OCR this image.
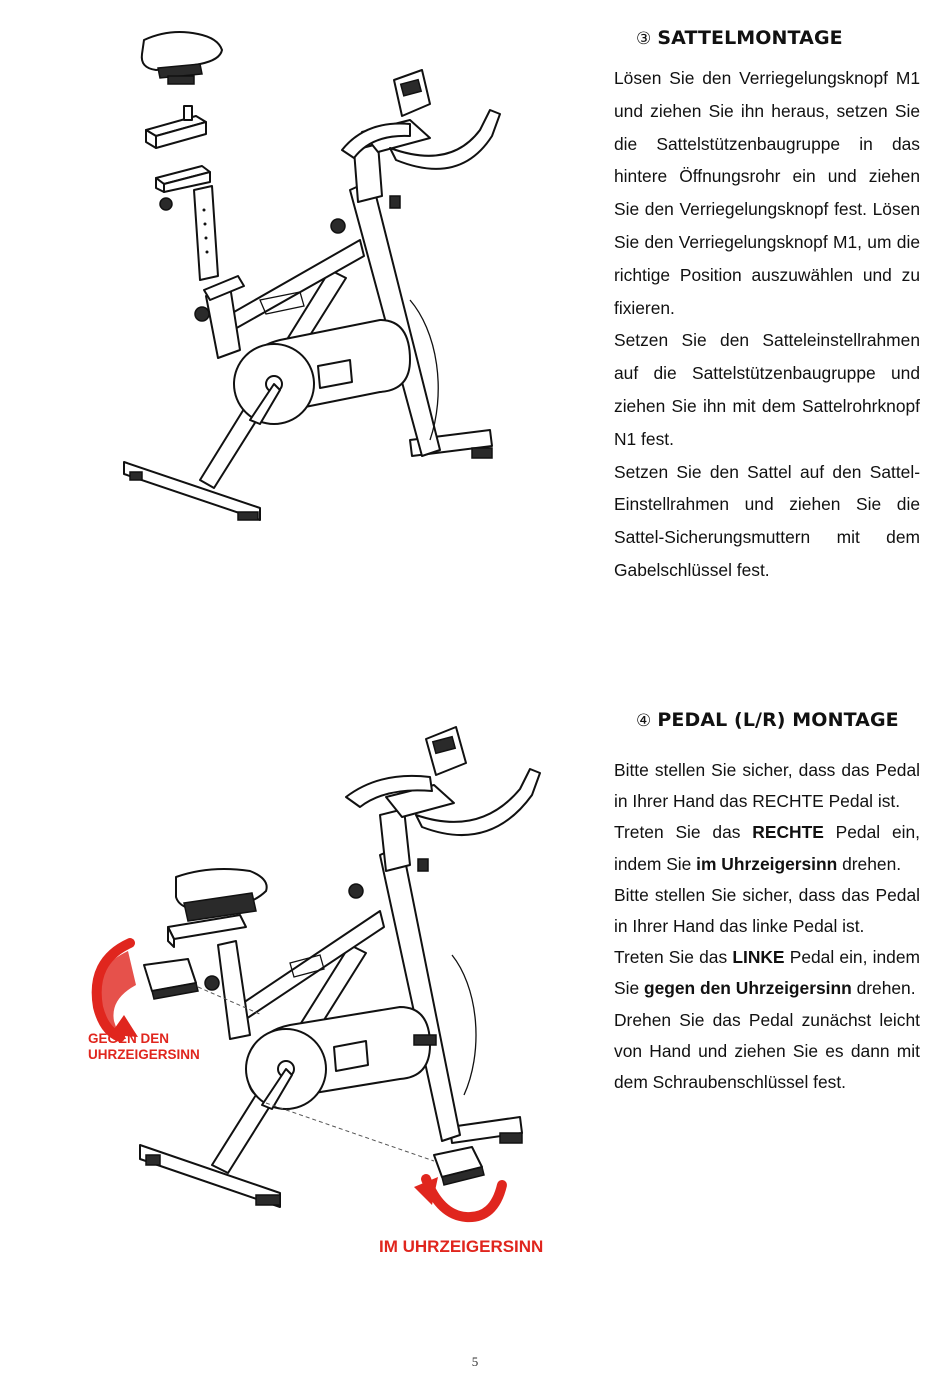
③ SATTELMONTAGE

Lösen Sie den Verriegelungsknopf M1 und ziehen Sie ihn heraus, setzen Sie die Sattelstützenbaugruppe in das hintere Öffnungsrohr ein und ziehen Sie den Verriegelungsknopf fest. Lösen Sie den Verriegelungsknopf M1, um die richtige Position auszuwählen und zu fixieren.

Setzen Sie den Satteleinstellrahmen auf die Sattelstützenbaugruppe und ziehen Sie ihn mit dem Sattelrohrknopf N1 fest.

Setzen Sie den Sattel auf den Sattel-Einstellrahmen und ziehen Sie die Sattel-Sicherungsmuttern mit dem Gabelschlüssel fest.

④ PEDAL (L/R) MONTAGE

Bitte stellen Sie sicher, dass das Pedal in Ihrer Hand das RECHTE Pedal ist.

Treten Sie das RECHTE Pedal ein, indem Sie im Uhrzeigersinn drehen.

Bitte stellen Sie sicher, dass das Pedal in Ihrer Hand das linke Pedal ist.

Treten Sie das LINKE Pedal ein, indem Sie gegen den Uhrzeigersinn drehen.

Drehen Sie das Pedal zunächst leicht von Hand und ziehen Sie es dann mit dem Schraubenschlüssel fest.

GEGEN DEN
UHRZEIGERSINN
IM UHRZEIGERSINN
5
